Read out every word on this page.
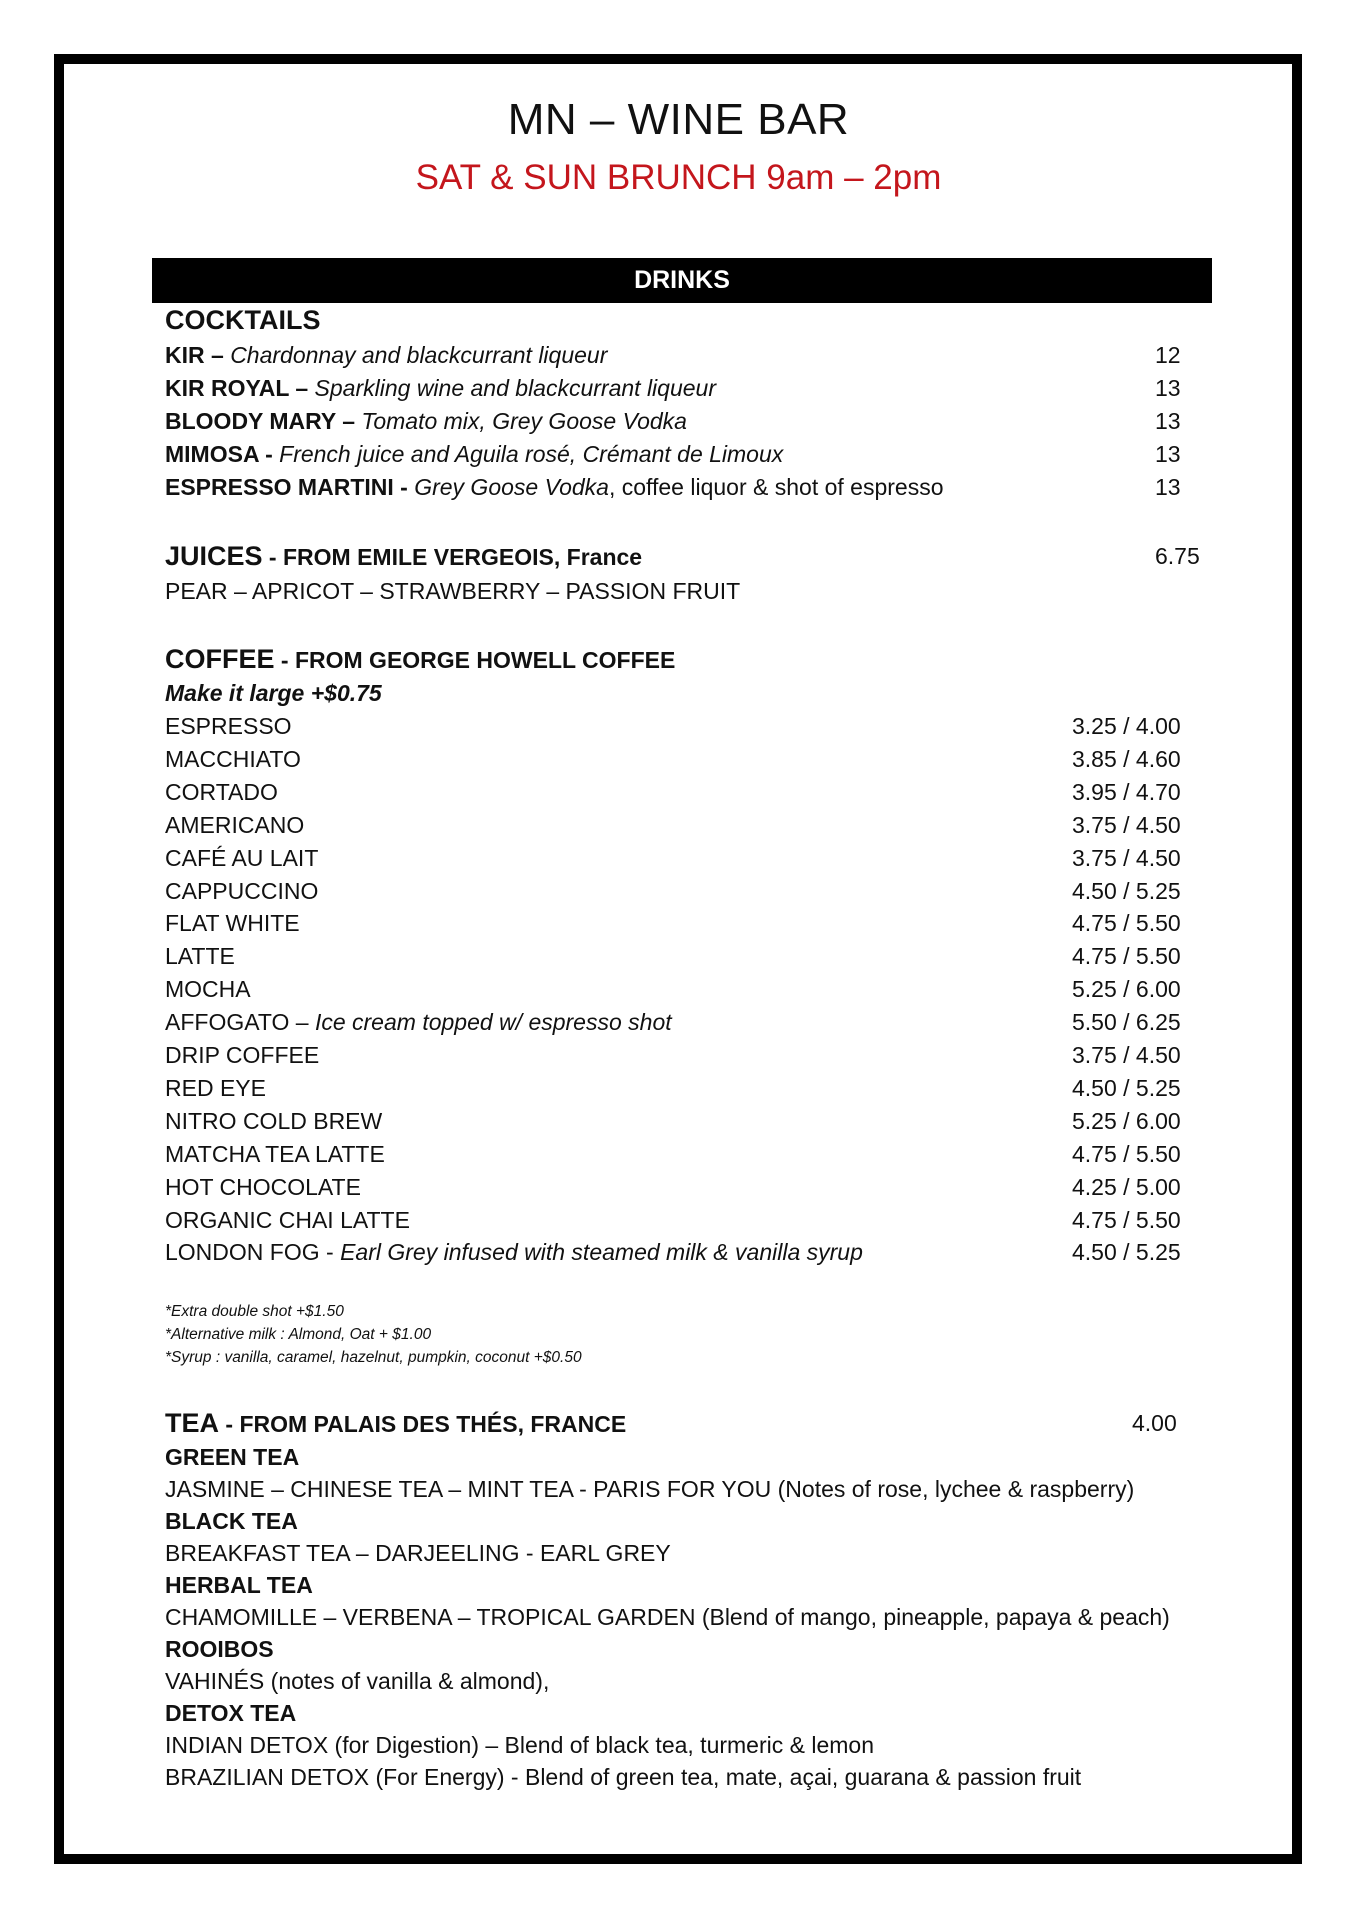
MN – WINE BAR
SAT & SUN BRUNCH 9am – 2pm
DRINKS
COCKTAILS
KIR – Chardonnay and blackcurrant liqueur	12
KIR ROYAL – Sparkling wine and blackcurrant liqueur	13
BLOODY MARY – Tomato mix, Grey Goose Vodka	13
MIMOSA - French juice and Aguila rosé, Crémant de Limoux	13
ESPRESSO MARTINI - Grey Goose Vodka, coffee liquor & shot of espresso	13
JUICES - FROM EMILE VERGEOIS, France	6.75
PEAR – APRICOT – STRAWBERRY – PASSION FRUIT
COFFEE - FROM GEORGE HOWELL COFFEE
Make it large +$0.75
ESPRESSO	3.25 / 4.00
MACCHIATO	3.85 / 4.60
CORTADO	3.95 / 4.70
AMERICANO	3.75 / 4.50
CAFÉ AU LAIT	3.75 / 4.50
CAPPUCCINO	4.50 / 5.25
FLAT WHITE	4.75 / 5.50
LATTE	4.75 / 5.50
MOCHA	5.25 / 6.00
AFFOGATO – Ice cream topped w/ espresso shot	5.50 / 6.25
DRIP COFFEE	3.75 / 4.50
RED EYE	4.50 / 5.25
NITRO COLD BREW	5.25 / 6.00
MATCHA TEA LATTE	4.75 / 5.50
HOT CHOCOLATE	4.25 / 5.00
ORGANIC CHAI LATTE	4.75 / 5.50
LONDON FOG - Earl Grey infused with steamed milk & vanilla syrup	4.50 / 5.25
*Extra double shot +$1.50
*Alternative milk : Almond, Oat + $1.00
*Syrup : vanilla, caramel, hazelnut, pumpkin, coconut +$0.50
TEA - FROM PALAIS DES THÉS, FRANCE	4.00
GREEN TEA
JASMINE – CHINESE TEA – MINT TEA - PARIS FOR YOU (Notes of rose, lychee & raspberry)
BLACK TEA
BREAKFAST TEA – DARJEELING - EARL GREY
HERBAL TEA
CHAMOMILLE – VERBENA – TROPICAL GARDEN (Blend of mango, pineapple, papaya & peach)
ROOIBOS
VAHINÉS (notes of vanilla & almond),
DETOX TEA
INDIAN DETOX (for Digestion) – Blend of black tea, turmeric & lemon
BRAZILIAN DETOX (For Energy) - Blend of green tea, mate, açai, guarana & passion fruit
